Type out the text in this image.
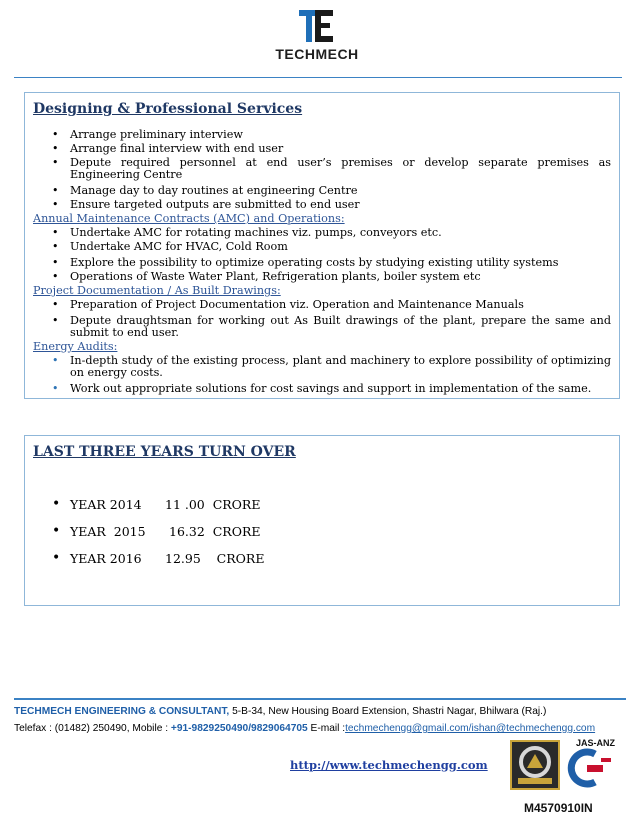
TECHMECH
Designing & Professional Services
• Arrange preliminary interview
• Arrange final interview with end user
• Depute required personnel at end user’s premises or develop separate premises as Engineering Centre
• Manage day to day routines at engineering Centre
• Ensure targeted outputs are submitted to end user
Annual Maintenance Contracts (AMC) and Operations:
• Undertake AMC for rotating machines viz. pumps, conveyors etc.
• Undertake AMC for HVAC, Cold Room
• Explore the possibility to optimize operating costs by studying existing utility systems
• Operations of Waste Water Plant, Refrigeration plants, boiler system etc
Project Documentation / As Built Drawings:
• Preparation of Project Documentation viz. Operation and Maintenance Manuals
• Depute draughtsman for working out As Built drawings of the plant, prepare the same and submit to end user.
Energy Audits:
• In-depth study of the existing process, plant and machinery to explore possibility of optimizing on energy costs.
• Work out appropriate solutions for cost savings and support in implementation of the same.
LAST THREE YEARS TURN OVER
• YEAR 2014 11 .00  CRORE
• YEAR  2015 16.32  CRORE
• YEAR 2016 12.95    CRORE
TECHMECH ENGINEERING & CONSULTANT, 5-B-34, New Housing Board Extension, Shastri Nagar, Bhilwara (Raj.)
Telefax : (01482) 250490, Mobile : +91-9829250490/9829064705 E-mail :techmechengg@gmail.com/ishan@techmechengg.com
http://www.techmechengg.com
JAS-ANZ
M4570910IN
